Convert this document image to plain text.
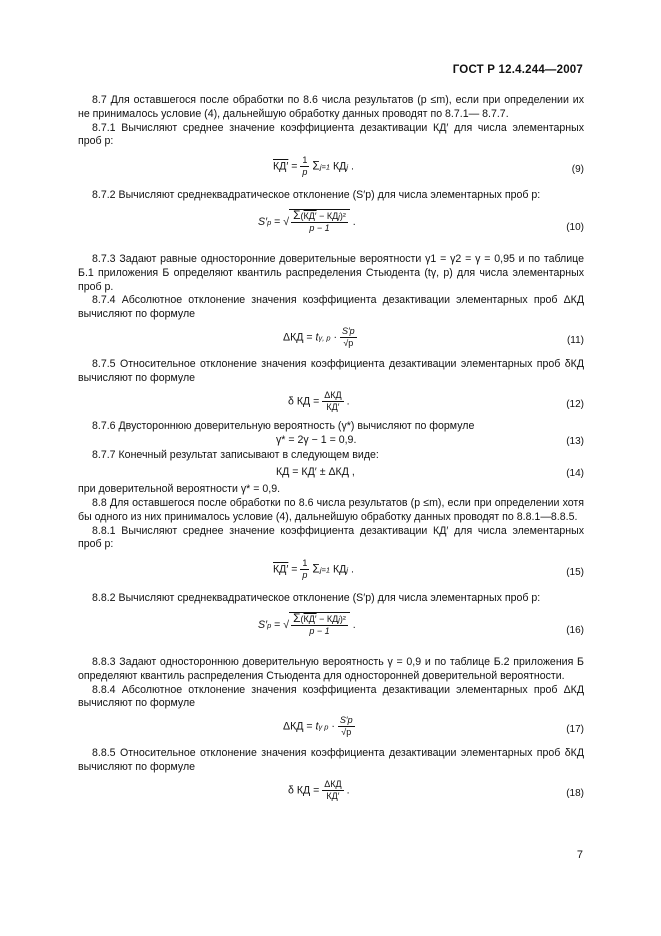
ГОСТ Р 12.4.244—2007

8.7 Для оставшегося после обработки по 8.6 числа результатов (p ≤m), если при определении их не принималось условие (4), дальнейшую обработку данных проводят по 8.7.1— 8.7.7.

8.7.1 Вычисляют среднее значение коэффициента дезактивации КД′ для числа элементарных проб p:

$КД' = \frac{1}{p} \Sigma j=1$ КДj .	(9)

8.7.2 Вычисляют среднеквадратическое отклонение (S′p) для числа элементарных проб p:

S′p = √ $\frac{\text{Σ(КД′ − КДj)²}}{p - 1}$ .	(10)

8.7.3 Задают равные односторонние доверительные вероятности γ1 = γ2 = γ = 0,95 и по таблице Б.1 приложения Б определяют квантиль распределения Стьюдента (tγ, p) для числа элементарных проб p.

8.7.4 Абсолютное отклонение значения коэффициента дезактивации элементарных проб ΔКД вычисляют по формуле

ΔКД = tγ, $p \cdot \frac{S'p}{√p}$	(11)

8.7.5 Относительное отклонение значения коэффициента дезактивации элементарных проб δКД вычисляют по формуле

δ КД = $\frac{\text{ΔКД}}{КД'}$ .	(12)

8.7.6 Двустороннюю доверительную вероятность (γ*) вычисляют по формуле

γ* = 2γ − 1 = 0,9.	(13)

8.7.7 Конечный результат записывают в следующем виде:

КД = КД′ ± ΔКД ,	(14)

при доверительной вероятности γ* = 0,9.

8.8 Для оставшегося после обработки по 8.6 числа результатов (p ≤m), если при определении хотя бы одного из них принималось условие (4), дальнейшую обработку данных проводят по 8.8.1—8.8.5.

8.8.1 Вычисляют среднее значение коэффициента дезактивации КД′ для числа элементарных проб p:

$КД' = \frac{1}{p} \Sigma j=1$ КДj .	(15)

8.8.2 Вычисляют среднеквадратическое отклонение (S′p) для числа элементарных проб p:

S′p = √ $\frac{\text{Σ(КД′ − КДj)²}}{p - 1}$ .	(16)

8.8.3 Задают одностороннюю доверительную вероятность γ = 0,9 и по таблице Б.2 приложения Б определяют квантиль распределения Стьюдента для односторонней доверительной вероятности.

8.8.4 Абсолютное отклонение значения коэффициента дезактивации элементарных проб ΔКД вычисляют по формуле

ΔКД = tγ $p \cdot \frac{S'p}{√p}$	(17)

8.8.5 Относительное отклонение значения коэффициента дезактивации элементарных проб δКД вычисляют по формуле

δ КД = $\frac{\text{ΔКД}}{КД'}$ .	(18)
7
